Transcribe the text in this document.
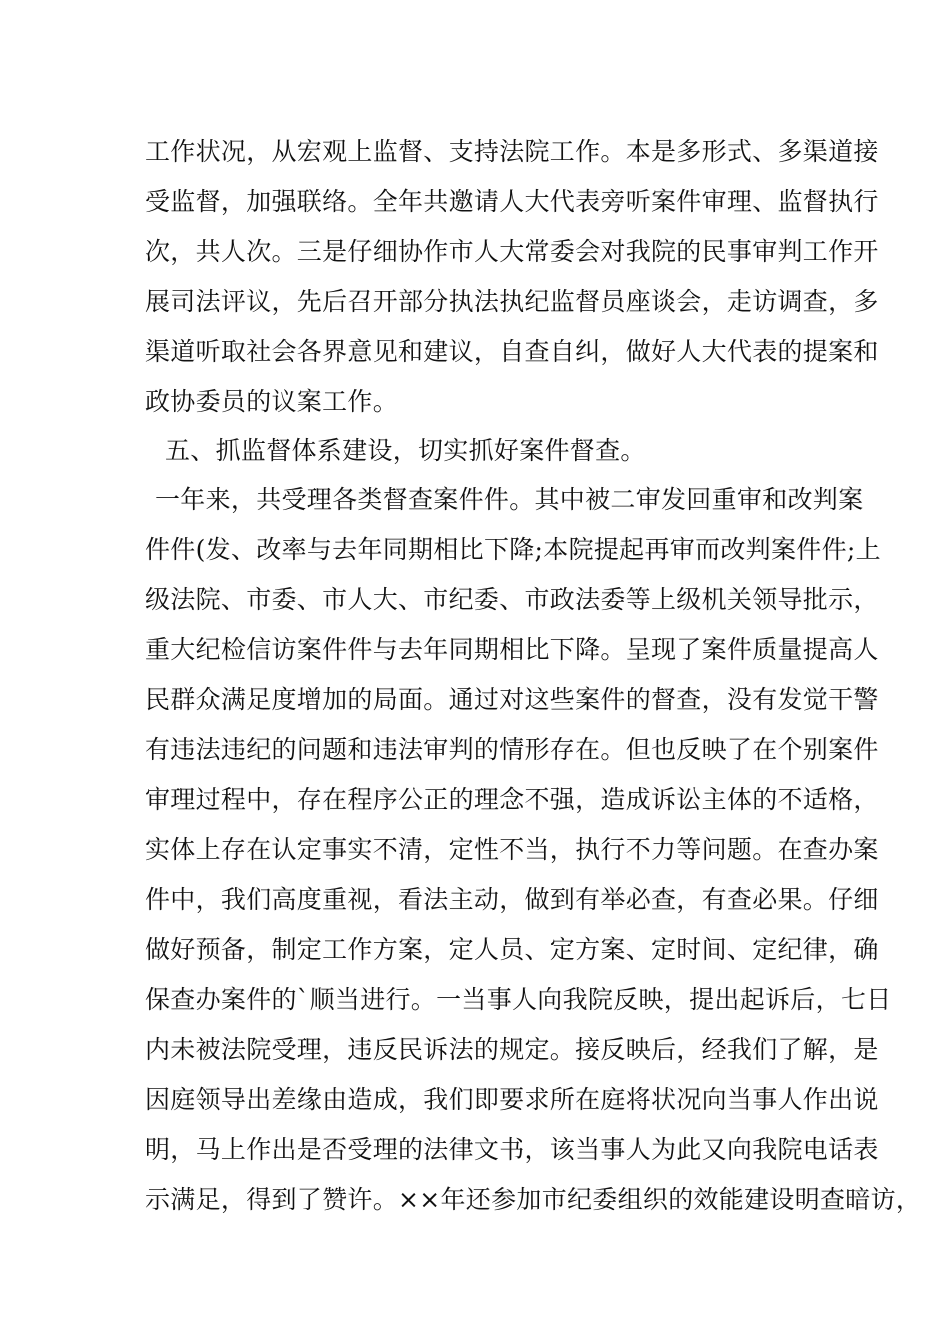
工作状况，从宏观上监督、支持法院工作。本是多形式、多渠道接
受监督，加强联络。全年共邀请人大代表旁听案件审理、监督执行
次，共人次。三是仔细协作市人大常委会对我院的民事审判工作开
展司法评议，先后召开部分执法执纪监督员座谈会，走访调查，多
渠道听取社会各界意见和建议，自查自纠，做好人大代表的提案和
政协委员的议案工作。
五、抓监督体系建设，切实抓好案件督查。
一年来，共受理各类督查案件件。其中被二审发回重审和改判案
件件(发、改率与去年同期相比下降;本院提起再审而改判案件件;上
级法院、市委、市人大、市纪委、市政法委等上级机关领导批示，
重大纪检信访案件件与去年同期相比下降。呈现了案件质量提高人
民群众满足度增加的局面。通过对这些案件的督查，没有发觉干警
有违法违纪的问题和违法审判的情形存在。但也反映了在个别案件
审理过程中，存在程序公正的理念不强，造成诉讼主体的不适格，
实体上存在认定事实不清，定性不当，执行不力等问题。在查办案
件中，我们高度重视，看法主动，做到有举必查，有查必果。仔细
做好预备，制定工作方案，定人员、定方案、定时间、定纪律，确
保查办案件的`顺当进行。一当事人向我院反映，提出起诉后，七日
内未被法院受理，违反民诉法的规定。接反映后，经我们了解，是
因庭领导出差缘由造成，我们即要求所在庭将状况向当事人作出说
明，马上作出是否受理的法律文书，该当事人为此又向我院电话表
示满足，得到了赞许。××年还参加市纪委组织的效能建设明查暗访，
